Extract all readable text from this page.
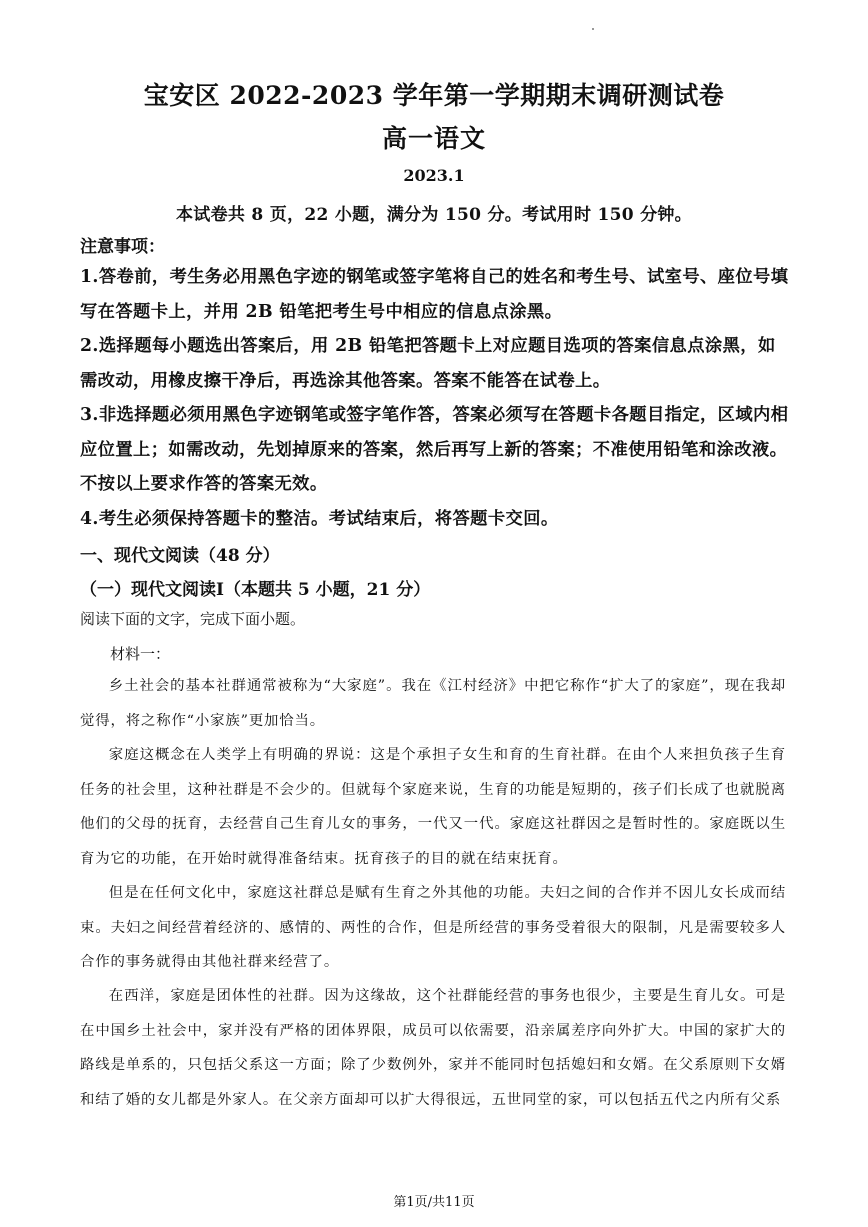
宝安区 2022-2023 学年第一学期期末调研测试卷
高一语文
2023.1
本试卷共 8 页，22 小题，满分为 150 分。考试用时 150 分钟。
注意事项：
1.答卷前，考生务必用黑色字迹的钢笔或签字笔将自己的姓名和考生号、试室号、座位号填写在答题卡上，并用 2B 铅笔把考生号中相应的信息点涂黑。
2.选择题每小题选出答案后，用 2B 铅笔把答题卡上对应题目选项的答案信息点涂黑，如需改动，用橡皮擦干净后，再选涂其他答案。答案不能答在试卷上。
3.非选择题必须用黑色字迹钢笔或签字笔作答，答案必须写在答题卡各题目指定，区域内相应位置上；如需改动，先划掉原来的答案，然后再写上新的答案；不准使用铅笔和涂改液。不按以上要求作答的答案无效。
4.考生必须保持答题卡的整洁。考试结束后，将答题卡交回。
一、现代文阅读（48 分）
（一）现代文阅读Ⅰ（本题共 5 小题，21 分）
阅读下面的文字，完成下面小题。
材料一：

乡土社会的基本社群通常被称为“大家庭”。我在《江村经济》中把它称作“扩大了的家庭”，现在我却觉得，将之称作“小家族”更加恰当。

家庭这概念在人类学上有明确的界说：这是个承担子女生和育的生育社群。在由个人来担负孩子生育任务的社会里，这种社群是不会少的。但就每个家庭来说，生育的功能是短期的，孩子们长成了也就脱离他们的父母的抚育，去经营自己生育儿女的事务，一代又一代。家庭这社群因之是暂时性的。家庭既以生育为它的功能，在开始时就得准备结束。抚育孩子的目的就在结束抚育。

但是在任何文化中，家庭这社群总是赋有生育之外其他的功能。夫妇之间的合作并不因儿女长成而结束。夫妇之间经营着经济的、感情的、两性的合作，但是所经营的事务受着很大的限制，凡是需要较多人合作的事务就得由其他社群来经营了。

在西洋，家庭是团体性的社群。因为这缘故，这个社群能经营的事务也很少，主要是生育儿女。可是在中国乡土社会中，家并没有严格的团体界限，成员可以依需要，沿亲属差序向外扩大。中国的家扩大的路线是单系的，只包括父系这一方面；除了少数例外，家并不能同时包括媳妇和女婿。在父系原则下女婿和结了婚的女儿都是外家人。在父亲方面却可以扩大得很远，五世同堂的家，可以包括五代之内所有父系

第1页/共11页
